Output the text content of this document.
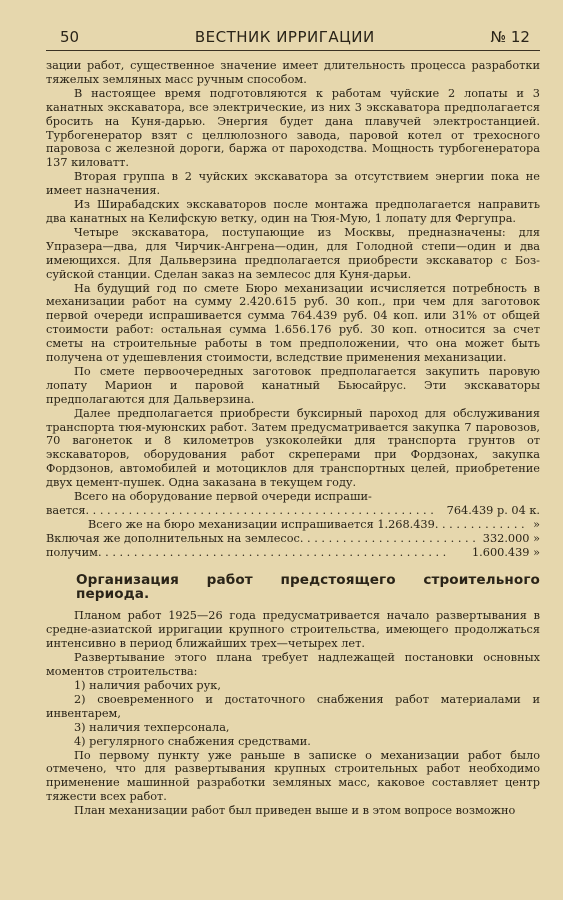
50	ВЕСТНИК ИРРИГАЦИИ	№ 12

зации работ, существенное значение имеет длительность процесса разработки тяжелых земляных масс ручным способом.

В настоящее время подготовляются к работам чуйские 2 лопаты и 3 канатных экскаватора, все электрические, из них 3 экскаватора предполагается бросить на Куня-дарью. Энергия будет дана плавучей электростанцией. Турбогенератор взят с целлюлозного завода, паровой котел от трехосного паровоза с железной дороги, баржа от пароходства. Мощность турбогенератора 137 киловатт.

Вторая группа в 2 чуйских экскаватора за отсутствием энергии пока не имеет назначения.

Из Ширабадских экскаваторов после монтажа предполагается направить два канатных на Келифскую ветку, один на Тюя-Мую, 1 лопату для Фергупра.

Четыре экскаватора, поступающие из Москвы, предназначены: для Упразера—два, для Чирчик-Ангрена—один, для Голодной степи—один и два имеющихся. Для Дальверзина предполагается приобрести экскаватор с Боз-суйской станции. Сделан заказ на землесос для Куня-дарьи.

На будущий год по смете Бюро механизации исчисляется потребность в механизации работ на сумму 2.420.615 руб. 30 коп., при чем для заготовок первой очереди испрашивается сумма 764.439 руб. 04 коп. или 31% от общей стоимости работ: остальная сумма 1.656.176 руб. 30 коп. относится за счет сметы на строительные работы в том предположении, что она может быть получена от удешевления стоимости, вследствие применения механизации.

По смете первоочередных заготовок предполагается закупить паровую лопату Марион и паровой канатный Бьюсайрус. Эти экскаваторы предполагаются для Дальверзина.

Далее предполагается приобрести буксирный пароход для обслуживания транспорта тюя-муюнских работ. Затем предусматривается закупка 7 паровозов, 70 вагонеток и 8 километров узкоколейки для транспорта грунтов от экскаваторов, оборудования работ скреперами при Фордзонах, закупка Фордзонов, автомобилей и мотоциклов для транспортных целей, приобретение двух цемент-пушек. Одна заказана в текущем году.

Всего на оборудование первой очереди испраши-

вается . . .	764.439 р. 04 к.
Всего же на бюро механизации испрашивается 1.268.439 . . .	»
Включая же дополнительных на землесос . . .	332.000 »
получим . . .	1.600.439 »
Организация работ предстоящего строительного периода.

Планом работ 1925—26 года предусматривается начало развертывания в средне-азиатской ирригации крупного строительства, имеющего продолжаться интенсивно в период ближайших трех—четырех лет.

Развертывание этого плана требует надлежащей постановки основных моментов строительства:

1) наличия рабочих рук,
2) своевременного и достаточного снабжения работ материалами и инвентарем,
3) наличия техперсонала,
4) регулярного снабжения средствами.

По первому пункту уже раньше в записке о механизации работ было отмечено, что для развертывания крупных строительных работ необходимо применение машинной разработки земляных масс, каковое составляет центр тяжести всех работ.

План механизации работ был приведен выше и в этом вопросе возможно
